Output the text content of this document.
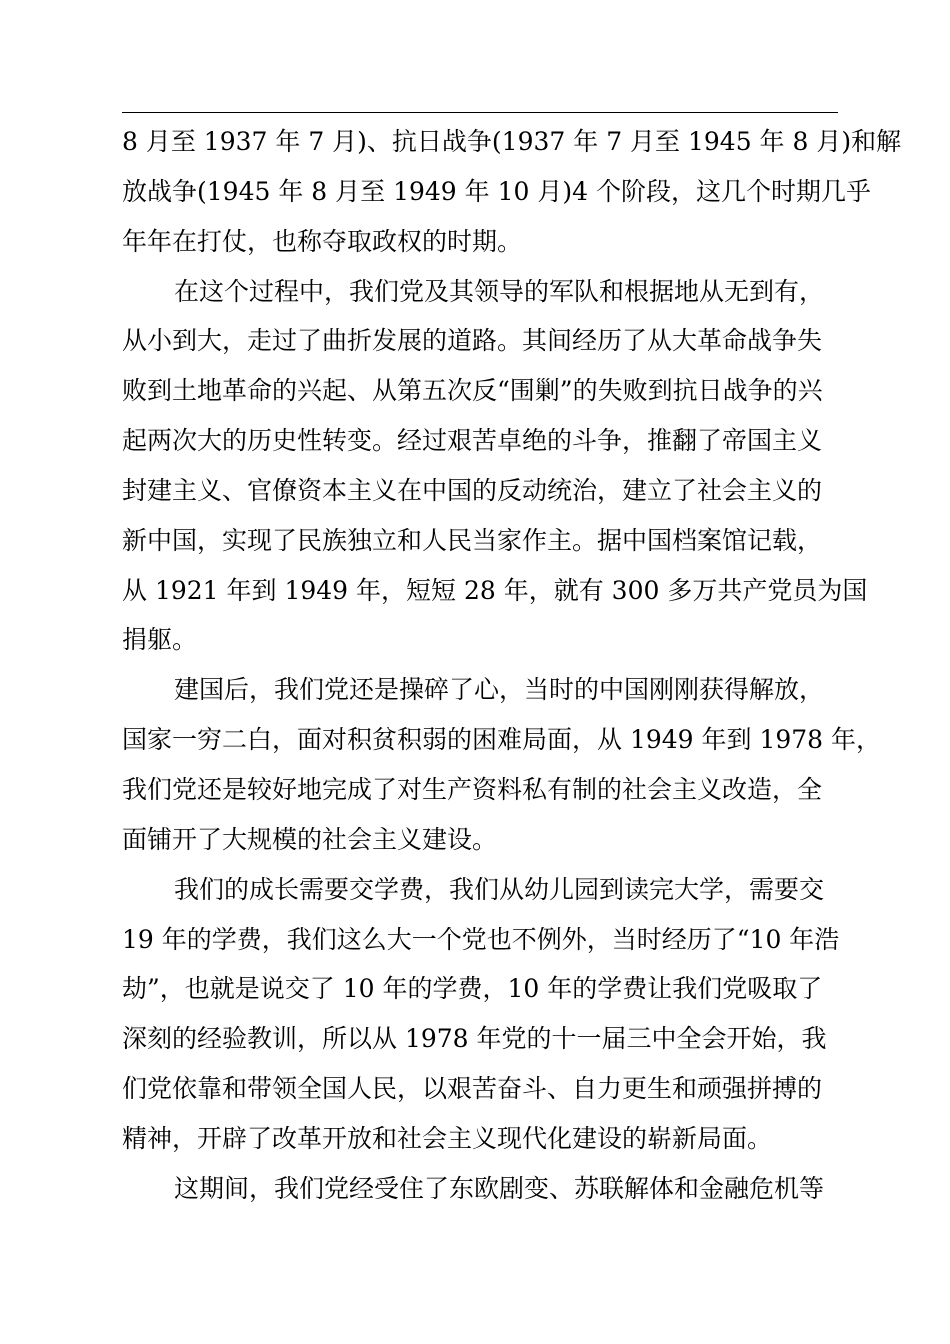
8 月至 1937 年 7 月)、抗日战争(1937 年 7 月至 1945 年 8 月)和解
放战争(1945 年 8 月至 1949 年 10 月)4 个阶段，这几个时期几乎
年年在打仗，也称夺取政权的时期。
在这个过程中，我们党及其领导的军队和根据地从无到有，
从小到大，走过了曲折发展的道路。其间经历了从大革命战争失
败到土地革命的兴起、从第五次反“围剿”的失败到抗日战争的兴
起两次大的历史性转变。经过艰苦卓绝的斗争，推翻了帝国主义
封建主义、官僚资本主义在中国的反动统治，建立了社会主义的
新中国，实现了民族独立和人民当家作主。据中国档案馆记载，
从 1921 年到 1949 年，短短 28 年，就有 300 多万共产党员为国
捐躯。
建国后，我们党还是操碎了心，当时的中国刚刚获得解放，
国家一穷二白，面对积贫积弱的困难局面，从 1949 年到 1978 年，
我们党还是较好地完成了对生产资料私有制的社会主义改造，全
面铺开了大规模的社会主义建设。
我们的成长需要交学费，我们从幼儿园到读完大学，需要交
19 年的学费，我们这么大一个党也不例外，当时经历了“10 年浩
劫”，也就是说交了 10 年的学费，10 年的学费让我们党吸取了
深刻的经验教训，所以从 1978 年党的十一届三中全会开始，我
们党依靠和带领全国人民，以艰苦奋斗、自力更生和顽强拼搏的
精神，开辟了改革开放和社会主义现代化建设的崭新局面。
这期间，我们党经受住了东欧剧变、苏联解体和金融危机等
